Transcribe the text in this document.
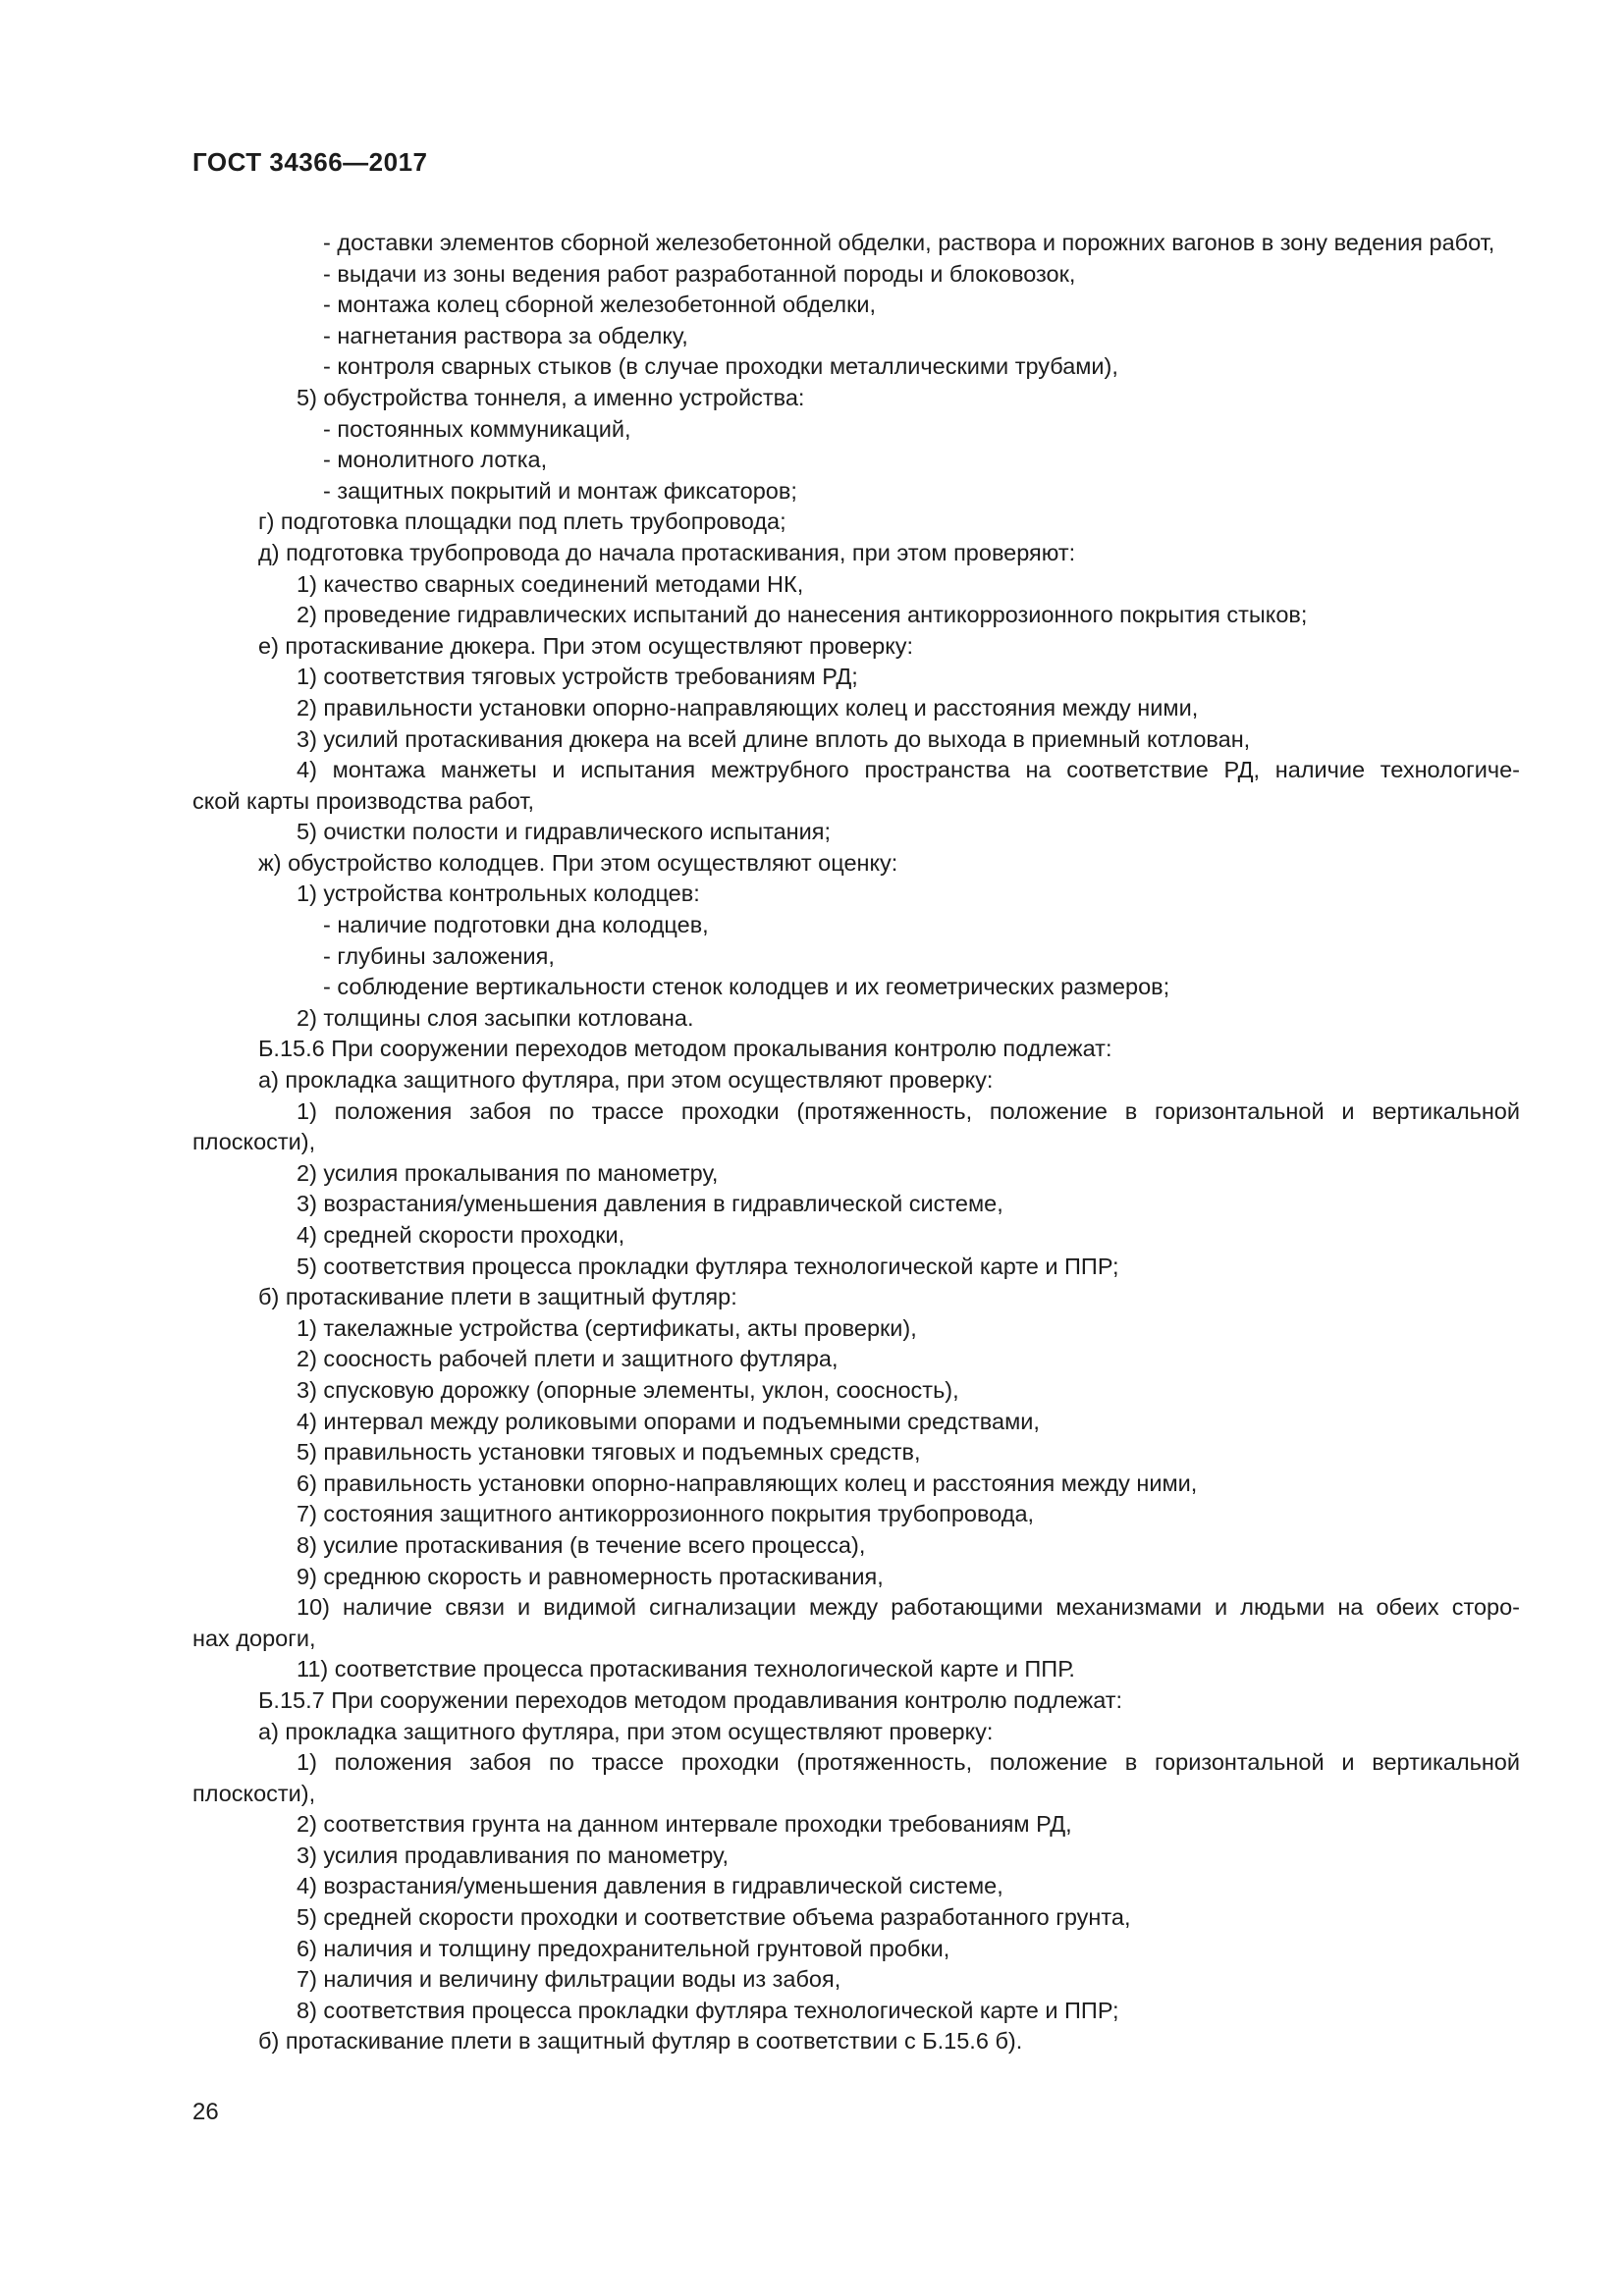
ГОСТ 34366—2017
- доставки элементов сборной железобетонной обделки, раствора и порожних вагонов в зону ведения работ,
- выдачи из зоны ведения работ разработанной породы и блоковозок,
- монтажа колец сборной железобетонной обделки,
- нагнетания раствора за обделку,
- контроля сварных стыков (в случае проходки металлическими трубами),
5) обустройства тоннеля, а именно устройства:
- постоянных коммуникаций,
- монолитного лотка,
- защитных покрытий и монтаж фиксаторов;
г) подготовка площадки под плеть трубопровода;
д) подготовка трубопровода до начала протаскивания, при этом проверяют:
1) качество сварных соединений методами НК,
2) проведение гидравлических испытаний до нанесения антикоррозионного покрытия стыков;
е) протаскивание дюкера. При этом осуществляют проверку:
1) соответствия тяговых устройств требованиям РД;
2) правильности установки опорно-направляющих колец и расстояния между ними,
3) усилий протаскивания дюкера на всей длине вплоть до выхода в приемный котлован,
4) монтажа манжеты и испытания межтрубного пространства на соответствие РД, наличие технологиче-
ской карты производства работ,
5) очистки полости и гидравлического испытания;
ж) обустройство колодцев. При этом осуществляют оценку:
1) устройства контрольных колодцев:
- наличие подготовки дна колодцев,
- глубины заложения,
- соблюдение вертикальности стенок колодцев и их геометрических размеров;
2) толщины слоя засыпки котлована.
Б.15.6 При сооружении переходов методом прокалывания контролю подлежат:
а) прокладка защитного футляра, при этом осуществляют проверку:
1) положения забоя по трассе проходки (протяженность, положение в горизонтальной и вертикальной
плоскости),
2) усилия прокалывания по манометру,
3) возрастания/уменьшения давления в гидравлической системе,
4) средней скорости проходки,
5) соответствия процесса прокладки футляра технологической карте и ППР;
б) протаскивание плети в защитный футляр:
1) такелажные устройства (сертификаты, акты проверки),
2) соосность рабочей плети и защитного футляра,
3) спусковую дорожку (опорные элементы, уклон, соосность),
4) интервал между роликовыми опорами и подъемными средствами,
5) правильность установки тяговых и подъемных средств,
6) правильность установки опорно-направляющих колец и расстояния между ними,
7) состояния защитного антикоррозионного покрытия трубопровода,
8) усилие протаскивания (в течение всего процесса),
9) среднюю скорость и равномерность протаскивания,
10) наличие связи и видимой сигнализации между работающими механизмами и людьми на обеих сторо-
нах дороги,
11) соответствие процесса протаскивания технологической карте и ППР.
Б.15.7 При сооружении переходов методом продавливания контролю подлежат:
а) прокладка защитного футляра, при этом осуществляют проверку:
1) положения забоя по трассе проходки (протяженность, положение в горизонтальной и вертикальной
плоскости),
2) соответствия грунта на данном интервале проходки требованиям РД,
3) усилия продавливания по манометру,
4) возрастания/уменьшения давления в гидравлической системе,
5) средней скорости проходки и соответствие объема разработанного грунта,
6) наличия и толщину предохранительной грунтовой пробки,
7) наличия и величину фильтрации воды из забоя,
8) соответствия процесса прокладки футляра технологической карте и ППР;
б) протаскивание плети в защитный футляр в соответствии с Б.15.6 б).
26
